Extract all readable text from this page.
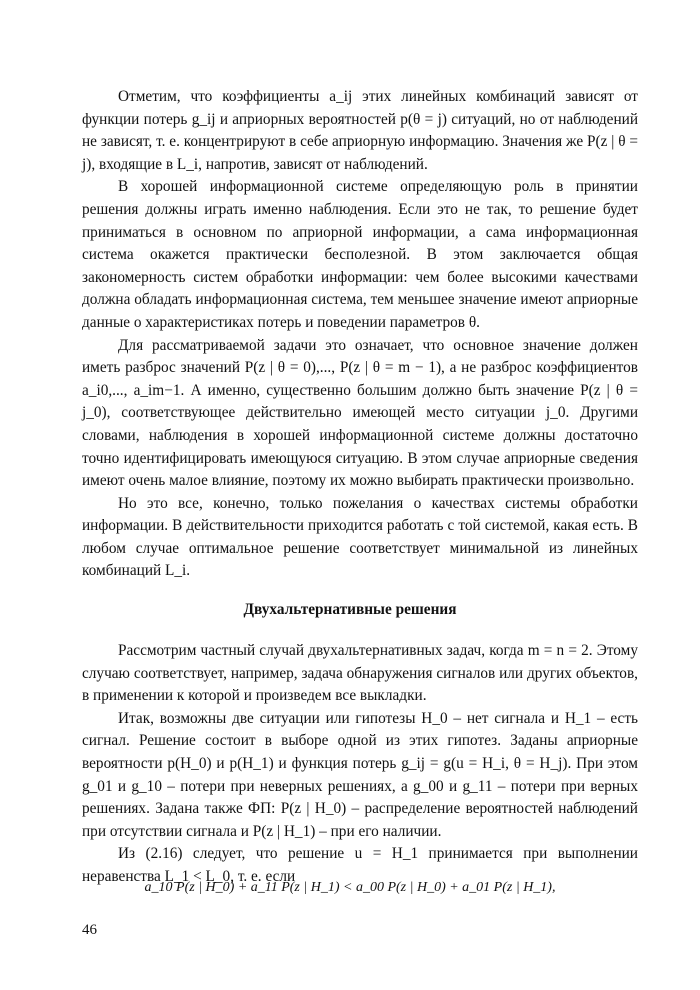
Отметим, что коэффициенты a_ij этих линейных комбинаций зависят от функции потерь g_ij и априорных вероятностей p(θ = j) ситуаций, но от наблюдений не зависят, т. е. концентрируют в себе априорную информацию. Значения же P(z | θ = j), входящие в L_i, напротив, зависят от наблюдений.

В хорошей информационной системе определяющую роль в принятии решения должны играть именно наблюдения. Если это не так, то решение будет приниматься в основном по априорной информации, а сама информационная система окажется практически бесполезной. В этом заключается общая закономерность систем обработки информации: чем более высокими качествами должна обладать информационная система, тем меньшее значение имеют априорные данные о характеристиках потерь и поведении параметров θ.

Для рассматриваемой задачи это означает, что основное значение должен иметь разброс значений P(z | θ = 0),..., P(z | θ = m − 1), а не разброс коэффициентов a_i0,..., a_im−1. А именно, существенно большим должно быть значение P(z | θ = j_0), соответствующее действительно имеющей место ситуации j_0. Другими словами, наблюдения в хорошей информационной системе должны достаточно точно идентифицировать имеющуюся ситуацию. В этом случае априорные сведения имеют очень малое влияние, поэтому их можно выбирать практически произвольно.

Но это все, конечно, только пожелания о качествах системы обработки информации. В действительности приходится работать с той системой, какая есть. В любом случае оптимальное решение соответствует минимальной из линейных комбинаций L_i.

Двухальтернативные решения

Рассмотрим частный случай двухальтернативных задач, когда m = n = 2. Этому случаю соответствует, например, задача обнаружения сигналов или других объектов, в применении к которой и произведем все выкладки.

Итак, возможны две ситуации или гипотезы H_0 – нет сигнала и H_1 – есть сигнал. Решение состоит в выборе одной из этих гипотез. Заданы априорные вероятности p(H_0) и p(H_1) и функция потерь g_ij = g(u = H_i, θ = H_j). При этом g_01 и g_10 – потери при неверных решениях, а g_00 и g_11 – потери при верных решениях. Задана также ФП: P(z | H_0) – распределение вероятностей наблюдений при отсутствии сигнала и P(z | H_1) – при его наличии.

Из (2.16) следует, что решение u = H_1 принимается при выполнении неравенства L_1 < L_0, т. е. если

a_10 P(z | H_0) + a_11 P(z | H_1) < a_00 P(z | H_0) + a_01 P(z | H_1),
46
